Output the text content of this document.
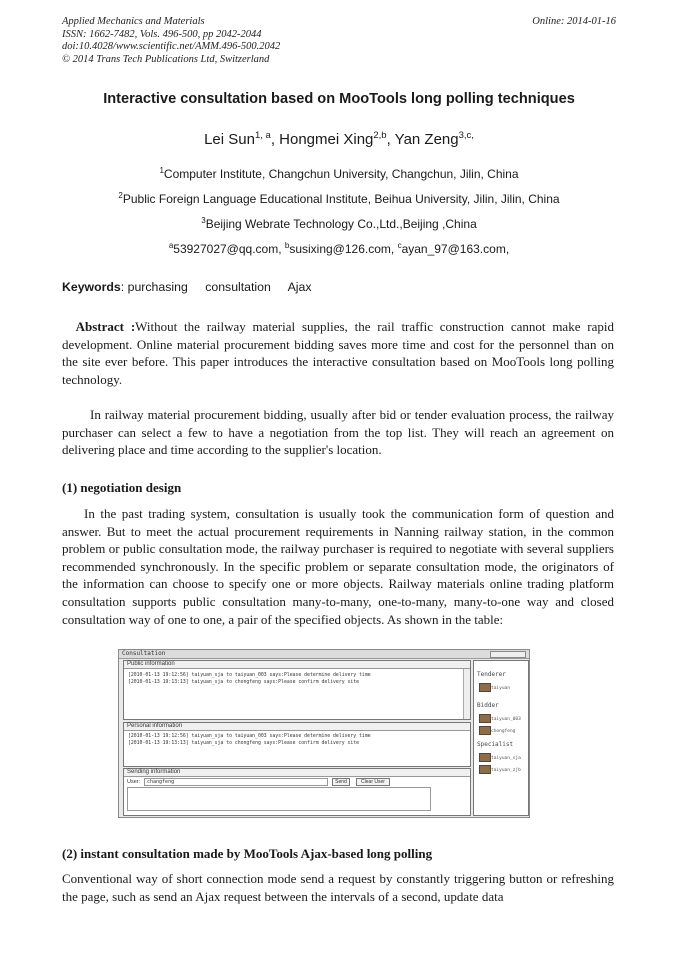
Applied Mechanics and Materials
ISSN: 1662-7482, Vols. 496-500, pp 2042-2044
doi:10.4028/www.scientific.net/AMM.496-500.2042
© 2014 Trans Tech Publications Ltd, Switzerland
Online: 2014-01-16
Interactive consultation based on MooTools long polling techniques
Lei Sun$^{1, a}$, Hongmei Xing$^{2,b}$, Yan Zeng$^{3,c,}$
$^1$Computer Institute, Changchun University, Changchun, Jilin, China
$^2$Public Foreign Language Educational Institute, Beihua University, Jilin, Jilin, China
$^3$Beijing Webrate Technology Co.,Ltd.,Beijing ,China
$^a$53927027@qq.com, $^b$susixing@126.com, $^c$ayan_97@163.com,
Keywords: purchasing consultation Ajax
Abstract :Without the railway material supplies, the rail traffic construction cannot make rapid development. Online material procurement bidding saves more time and cost for the personnel than on the site ever before. This paper introduces the interactive consultation based on MooTools long polling technology.
In railway material procurement bidding, usually after bid or tender evaluation process, the railway purchaser can select a few to have a negotiation from the top list. They will reach an agreement on delivering place and time according to the supplier's location.
(1) negotiation design
In the past trading system, consultation is usually took the communication form of question and answer. But to meet the actual procurement requirements in Nanning railway station, in the common problem or public consultation mode, the railway purchaser is required to negotiate with several suppliers recommended synchronously. In the specific problem or separate consultation mode, the originators of the information can choose to specify one or more objects. Railway materials online trading platform consultation supports public consultation many-to-many, one-to-many, many-to-one way and closed consultation way of one to one, a pair of the specified objects. As shown in the table:
Consultation
Public information
[2010-01-13 19:12:56] taiyuan_sja to taiyuan_003 says:Please determine delivery time
[2010-01-13 19:13:13] taiyuan_sja to chongfeng says:Please confirm delivery site
Personal information
[2010-01-13 19:12:56] taiyuan_sja to taiyuan_003 says:Please determine delivery time
[2010-01-13 19:13:13] taiyuan_sja to chongfeng says:Please confirm delivery site
Sending information
User:	changfeng	Send	Clear User
Tenderer
taiyuan
Bidder
taiyuan_003
chongfeng
Specialist
taiyuan_sja
taiyuan_zjb
(2) instant consultation made by MooTools Ajax-based long polling
Conventional way of short connection mode send a request by constantly triggering button or refreshing the page, such as send an Ajax request between the intervals of a second, update data
